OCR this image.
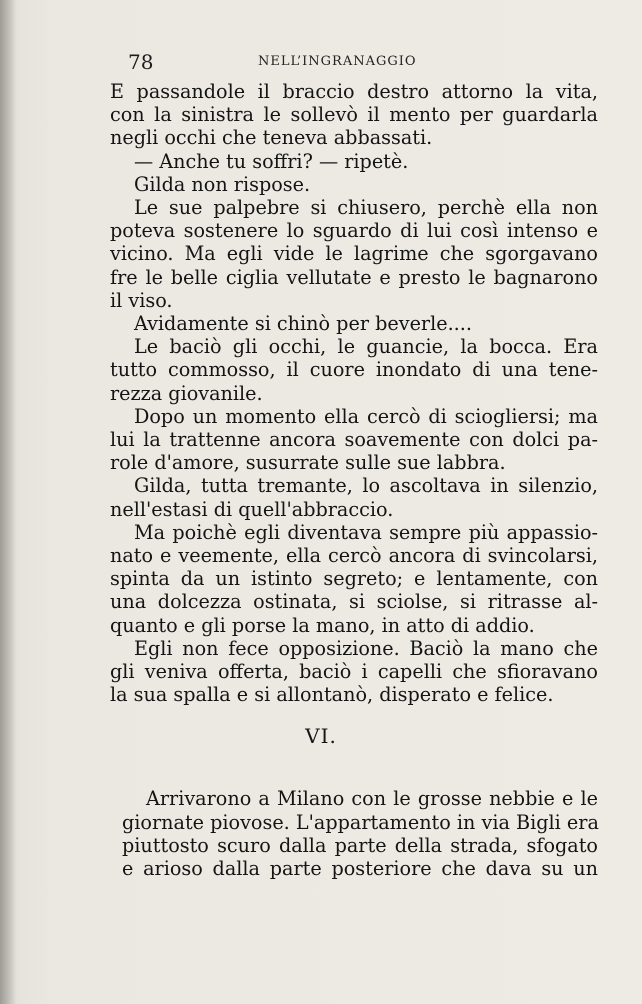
78	NELL’INGRANAGGIO

E passandole il braccio destro attorno la vita,
con la sinistra le sollevò il mento per guardarla
negli occhi che teneva abbassati.

— Anche tu soffri? — ripetè.

Gilda non rispose.

Le sue palpebre si chiusero, perchè ella non
poteva sostenere lo sguardo di lui così intenso e
vicino. Ma egli vide le lagrime che sgorgavano
fre le belle ciglia vellutate e presto le bagnarono
il viso.

Avidamente si chinò per beverle....

Le baciò gli occhi, le guancie, la bocca. Era
tutto commosso, il cuore inondato di una tene-
rezza giovanile.

Dopo un momento ella cercò di sciogliersi; ma
lui la trattenne ancora soavemente con dolci pa-
role d'amore, susurrate sulle sue labbra.

Gilda, tutta tremante, lo ascoltava in silenzio,
nell'estasi di quell'abbraccio.

Ma poichè egli diventava sempre più appassio-
nato e veemente, ella cercò ancora di svincolarsi,
spinta da un istinto segreto; e lentamente, con
una dolcezza ostinata, si sciolse, si ritrasse al-
quanto e gli porse la mano, in atto di addio.

Egli non fece opposizione. Baciò la mano che
gli veniva offerta, baciò i capelli che sfioravano
la sua spalla e si allontanò, disperato e felice.

VI.

Arrivarono a Milano con le grosse nebbie e le
giornate piovose. L'appartamento in via Bigli era
piuttosto scuro dalla parte della strada, sfogato
e arioso dalla parte posteriore che dava su un
